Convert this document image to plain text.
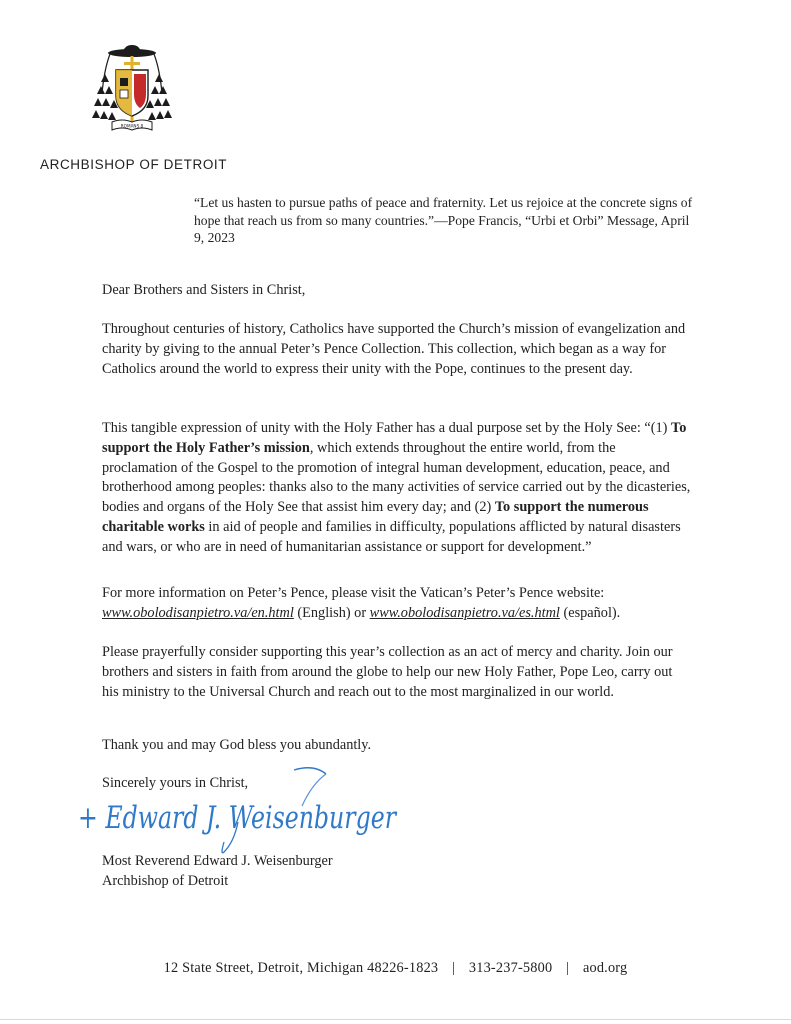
ROMANS 8
ARCHBISHOP OF DETROIT
“Let us hasten to pursue paths of peace and fraternity. Let us rejoice at the concrete signs of hope that reach us from so many countries.”—Pope Francis, “Urbi et Orbi” Message, April 9, 2023

Dear Brothers and Sisters in Christ,

Throughout centuries of history, Catholics have supported the Church’s mission of evangelization and charity by giving to the annual Peter’s Pence Collection. This collection, which began as a way for Catholics around the world to express their unity with the Pope, continues to the present day.

This tangible expression of unity with the Holy Father has a dual purpose set by the Holy See: “(1) To support the Holy Father’s mission, which extends throughout the entire world, from the proclamation of the Gospel to the promotion of integral human development, education, peace, and brotherhood among peoples: thanks also to the many activities of service carried out by the dicasteries, bodies and organs of the Holy See that assist him every day; and (2) To support the numerous charitable works in aid of people and families in difficulty, populations afflicted by natural disasters and wars, or who are in need of humanitarian assistance or support for development.”

For more information on Peter’s Pence, please visit the Vatican’s Peter’s Pence website: www.obolodisanpietro.va/en.html (English) or www.obolodisanpietro.va/es.html (español).

Please prayerfully consider supporting this year’s collection as an act of mercy and charity. Join our brothers and sisters in faith from around the globe to help our new Holy Father, Pope Leo, carry out his ministry to the Universal Church and reach out to the most marginalized in our world.

Thank you and may God bless you abundantly.

Sincerely yours in Christ,

+ Edward J. Weisenburger
Most Reverend Edward J. Weisenburger
Archbishop of Detroit
12 State Street, Detroit, Michigan 48226-1823 | 313-237-5800 | aod.org
